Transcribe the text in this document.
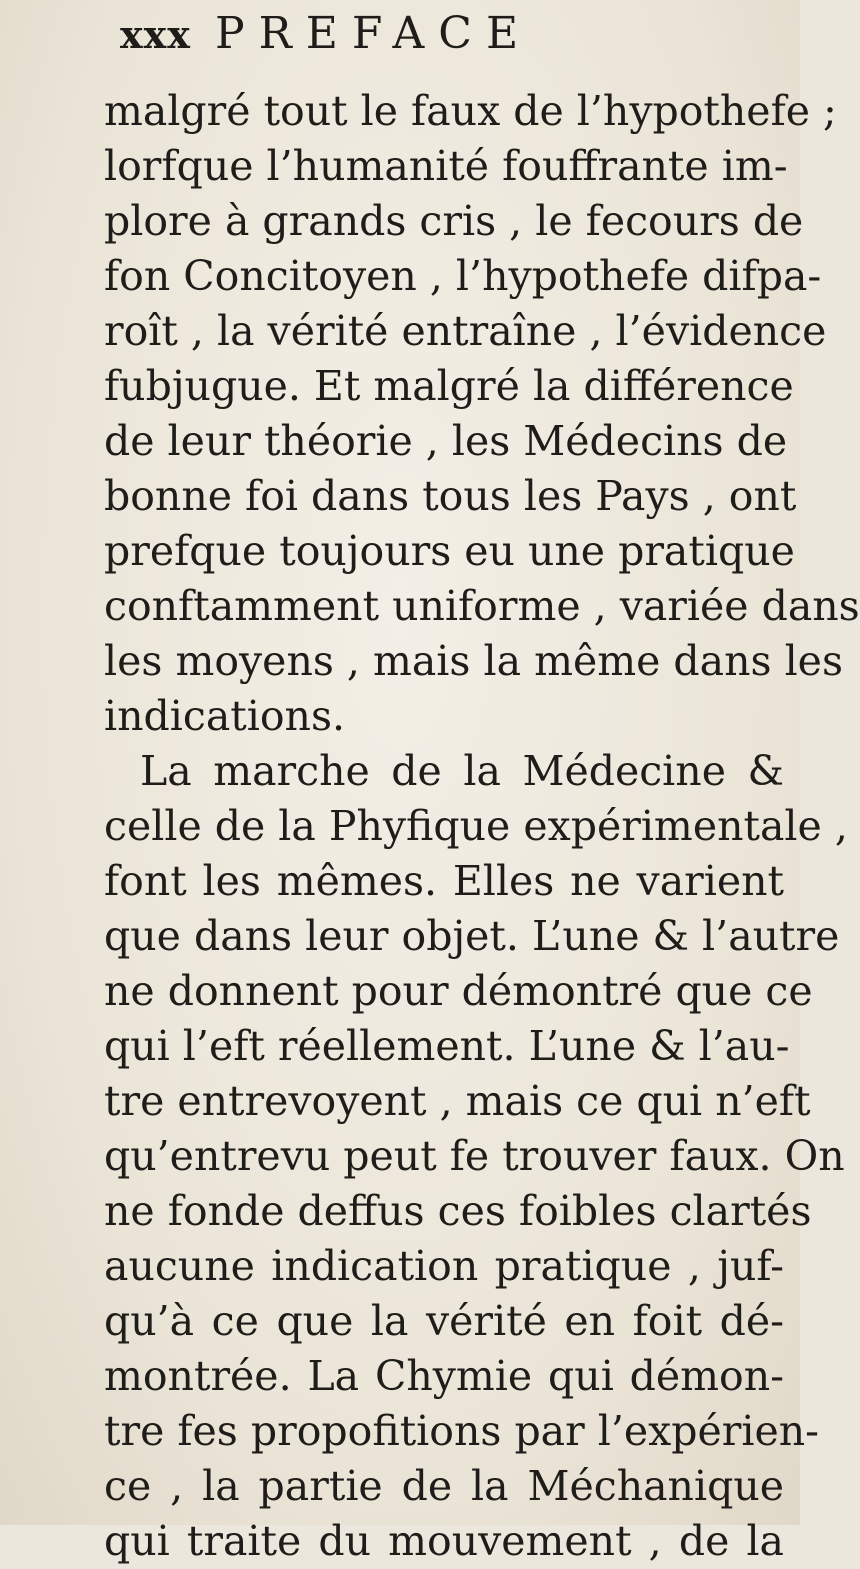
xxx PREFACE
malgré tout le faux de l’hypothefe ;
lorfque l’humanité fouffrante im-
plore à grands cris , le fecours de
fon Concitoyen , l’hypothefe difpa-
roît , la vérité entraîne , l’évidence
fubjugue. Et malgré la différence
de leur théorie , les Médecins de
bonne foi dans tous les Pays , ont
prefque toujours eu une pratique
conftamment uniforme , variée dans
les moyens , mais la même dans les
indications.
La marche de la Médecine &
celle de la Phyfique expérimentale ,
font les mêmes. Elles ne varient
que dans leur objet. L’une & l’autre
ne donnent pour démontré que ce
qui l’eft réellement. L’une & l’au-
tre entrevoyent , mais ce qui n’eft
qu’entrevu peut fe trouver faux. On
ne fonde deffus ces foibles clartés
aucune indication pratique , juf-
qu’à ce que la vérité en foit dé-
montrée. La Chymie qui démon-
tre fes propofitions par l’expérien-
ce , la partie de la Méchanique
qui traite du mouvement , de la
